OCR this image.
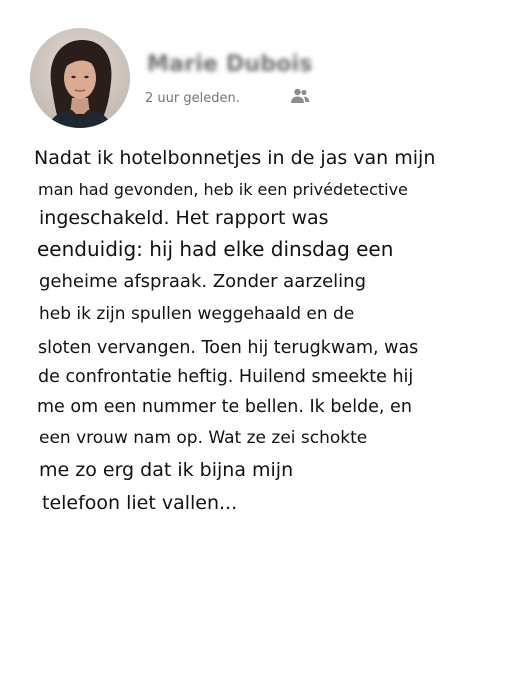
Marie Dubois
2 uur geleden.
Nadat ik hotelbonnetjes in de jas van mijn
man had gevonden, heb ik een privédetective
ingeschakeld. Het rapport was
eenduidig: hij had elke dinsdag een
geheime afspraak. Zonder aarzeling
heb ik zijn spullen weggehaald en de
sloten vervangen. Toen hij terugkwam, was
de confrontatie heftig. Huilend smeekte hij
me om een nummer te bellen. Ik belde, en
een vrouw nam op. Wat ze zei schokte
me zo erg dat ik bijna mijn
telefoon liet vallen...
